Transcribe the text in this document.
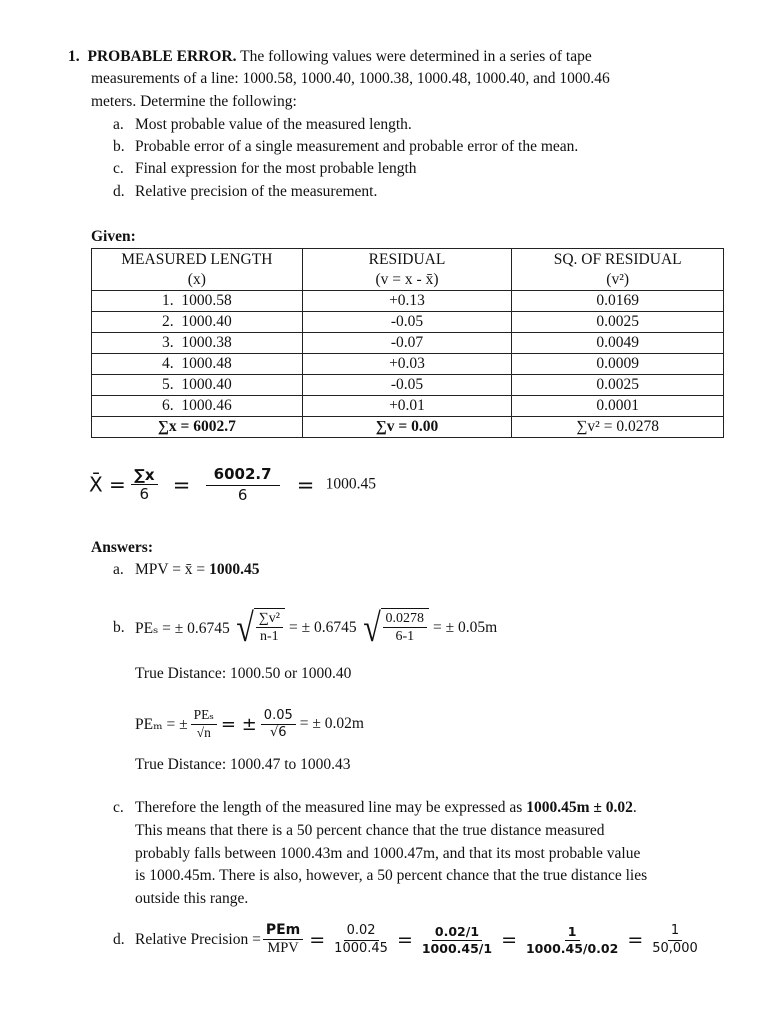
1. PROBABLE ERROR. The following values were determined in a series of tape
measurements of a line: 1000.58, 1000.40, 1000.38, 1000.48, 1000.40, and 1000.46
meters. Determine the following:
a. Most probable value of the measured length.
b. Probable error of a single measurement and probable error of the mean.
c. Final expression for the most probable length
d. Relative precision of the measurement.
Given:
MEASURED LENGTH	RESIDUAL	SQ. OF RESIDUAL
(x)	(v = x - x̄)	(v²)
1. 1000.58	+0.13	0.0169
2. 1000.40	-0.05	0.0025
3. 1000.38	-0.07	0.0049
4. 1000.48	+0.03	0.0009
5. 1000.40	-0.05	0.0025
6. 1000.46	+0.01	0.0001
∑x = 6002.7	∑v = 0.00	∑v² = 0.0278
X̄ = $\frac{\sum x}{6} = \frac{6002.7}{6} = 1000.45$
Answers:
a. MPV = x̄ = 1000.45
b. PEₛ = ± 0.6745 √ $\frac{\text{∑v²}}{n-1}$ = ± 0.6745 √ $\frac{0.0278}{6-1}$ = ± 0.05m
True Distance: 1000.50 or 1000.40
PEₘ = ± $\frac{\text{PEₛ}}{√n}$ = ± $\frac{0.05}{√6}$ = ± 0.02m
True Distance: 1000.47 to 1000.43
c. Therefore the length of the measured line may be expressed as 1000.45m ± 0.02.
This means that there is a 50 percent chance that the true distance measured
probably falls between 1000.43m and 1000.47m, and that its most probable value
is 1000.45m. There is also, however, a 50 percent chance that the true distance lies
outside this range.
d. Relative Precision = $\frac{\text{PEm}}{\text{MPV}} = \frac{0.02}{1000.45} = \frac{0.02/1}{1000.45/1} = \frac{1}{1000.45/0.02} = \frac{1}{50,000}$
